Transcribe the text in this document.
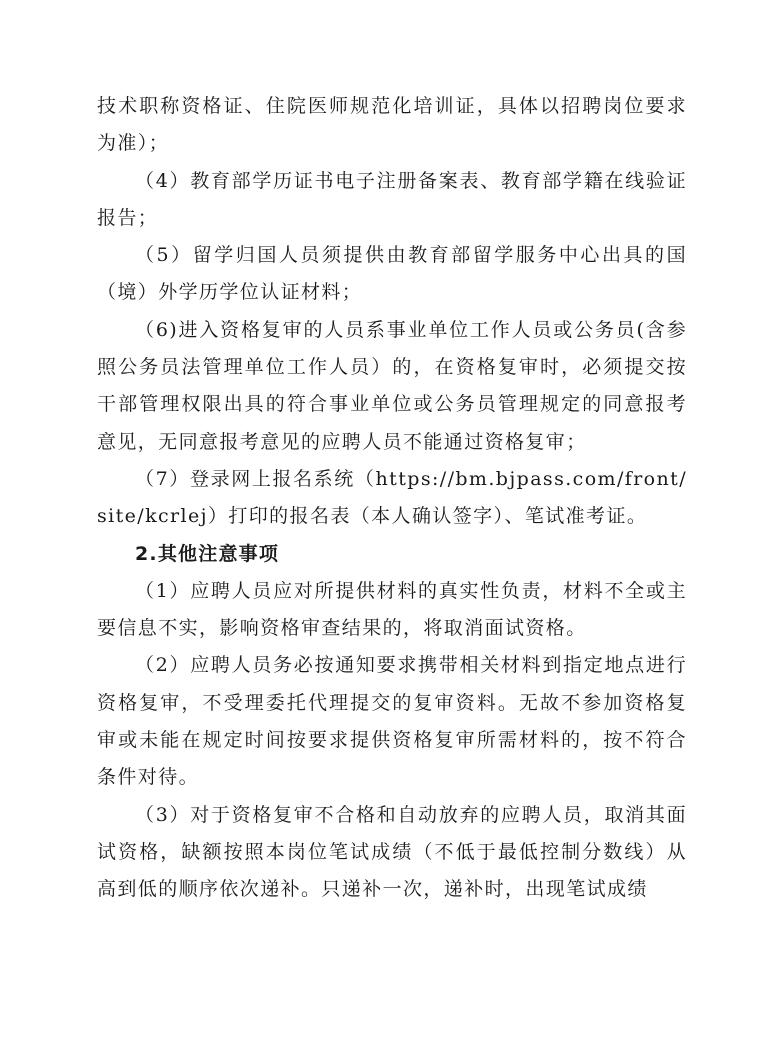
技术职称资格证、住院医师规范化培训证，具体以招聘岗位要求为准）；

（4）教育部学历证书电子注册备案表、教育部学籍在线验证报告；

（5）留学归国人员须提供由教育部留学服务中心出具的国（境）外学历学位认证材料；

（6)进入资格复审的人员系事业单位工作人员或公务员(含参照公务员法管理单位工作人员）的，在资格复审时，必须提交按干部管理权限出具的符合事业单位或公务员管理规定的同意报考意见，无同意报考意见的应聘人员不能通过资格复审；

（7）登录网上报名系统（https://bm.bjpass.com/front/site/kcrlej）打印的报名表（本人确认签字）、笔试准考证。

2.其他注意事项

（1）应聘人员应对所提供材料的真实性负责，材料不全或主要信息不实，影响资格审查结果的，将取消面试资格。

（2）应聘人员务必按通知要求携带相关材料到指定地点进行资格复审，不受理委托代理提交的复审资料。无故不参加资格复审或未能在规定时间按要求提供资格复审所需材料的，按不符合条件对待。

（3）对于资格复审不合格和自动放弃的应聘人员，取消其面试资格，缺额按照本岗位笔试成绩（不低于最低控制分数线）从高到低的顺序依次递补。只递补一次，递补时，出现笔试成绩
